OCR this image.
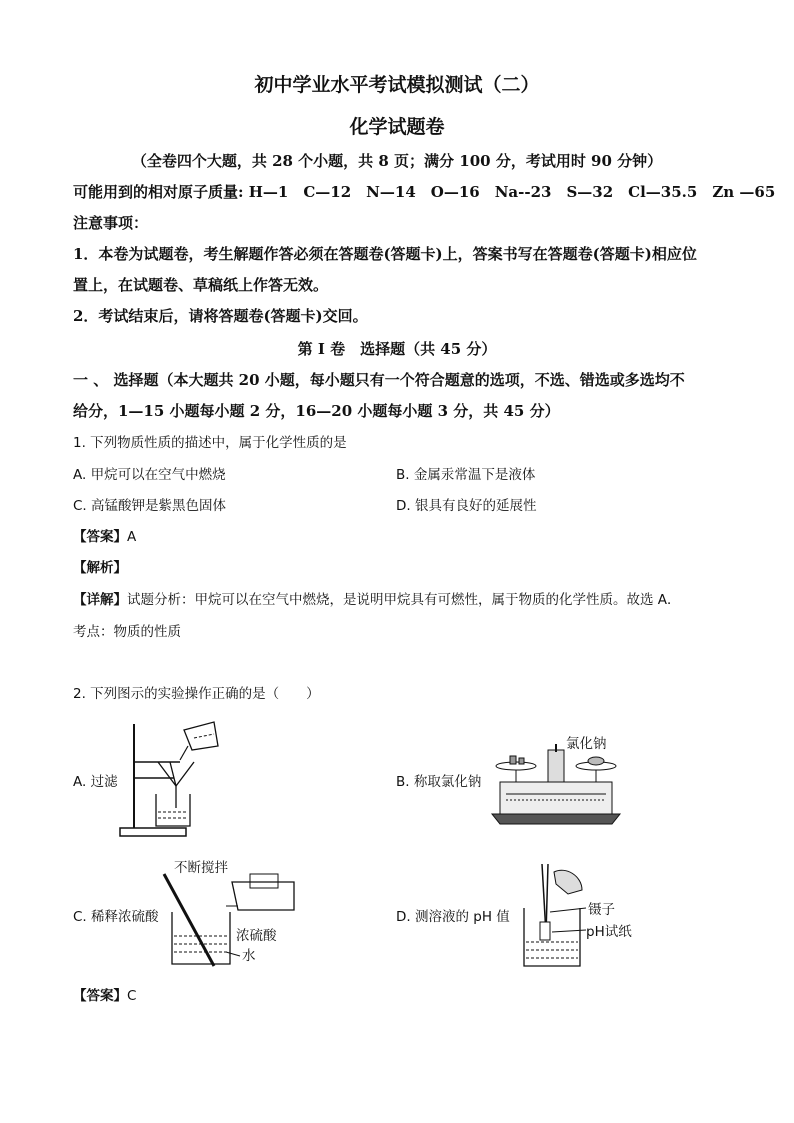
初中学业水平考试模拟测试（二）
化学试题卷
（全卷四个大题，共 28 个小题，共 8 页；满分 100 分，考试用时 90 分钟）
可能用到的相对原子质量: H—1　C—12　N—14　O—16　Na--23　S—32　Cl—35.5　Zn —65
注意事项：
1．本卷为试题卷，考生解题作答必须在答题卷(答题卡)上，答案书写在答题卷(答题卡)相应位
置上，在试题卷、草稿纸上作答无效。
2．考试结束后，请将答题卷(答题卡)交回。
第 I 卷　选择题（共 45 分）
一 、 选择题（本大题共 20 小题，每小题只有一个符合题意的选项，不选、错选或多选均不
给分，1—15 小题每小题 2 分，16—20 小题每小题 3 分，共 45 分）
1. 下列物质性质的描述中，属于化学性质的是
A. 甲烷可以在空气中燃烧	B. 金属汞常温下是液体
C. 高锰酸钾是紫黑色固体	D. 银具有良好的延展性
【答案】A
【解析】
【详解】试题分析：甲烷可以在空气中燃烧，是说明甲烷具有可燃性，属于物质的化学性质。故选 A．
考点：物质的性质
2. 下列图示的实验操作正确的是（　　）
A. 过滤	B. 称取氯化钠
C. 稀释浓硫酸	D. 测溶液的 pH 值
氯化钠
不断搅拌
浓硫酸
水
镊子
pH试纸
【答案】C
